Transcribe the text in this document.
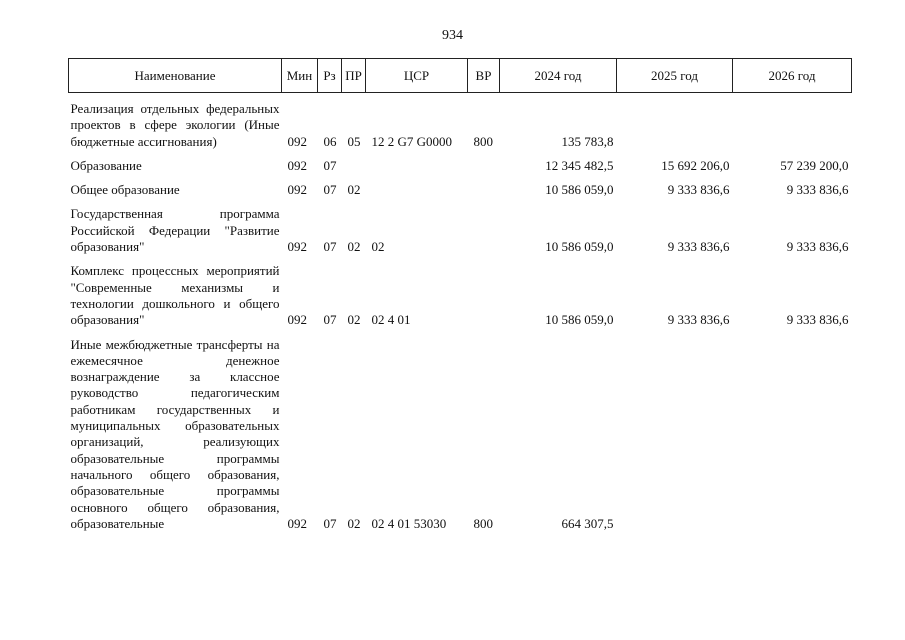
934
Наименование	Мин	Рз	ПР	ЦСР	ВР	2024 год	2025 год	2026 год

Реализация отдельных федеральных проектов в сфере экологии (Иные бюджетные ассигнования)	092	06	05	12 2 G7 G0000	800	135 783,8		

Образование	092	07				12 345 482,5	15 692 206,0	57 239 200,0

Общее образование	092	07	02			10 586 059,0	9 333 836,6	9 333 836,6

Государственная программа Российской Федерации "Развитие образования"	092	07	02	02		10 586 059,0	9 333 836,6	9 333 836,6

Комплекс процессных мероприятий "Современные механизмы и технологии дошкольного и общего образования"	092	07	02	02 4 01		10 586 059,0	9 333 836,6	9 333 836,6

Иные межбюджетные трансферты на ежемесячное денежное вознаграждение за классное руководство педагогическим работникам государственных и муниципальных образовательных организаций, реализующих образовательные программы начального общего образования, образовательные программы основного общего образования, образовательные	092	07	02	02 4 01 53030	800	664 307,5		
